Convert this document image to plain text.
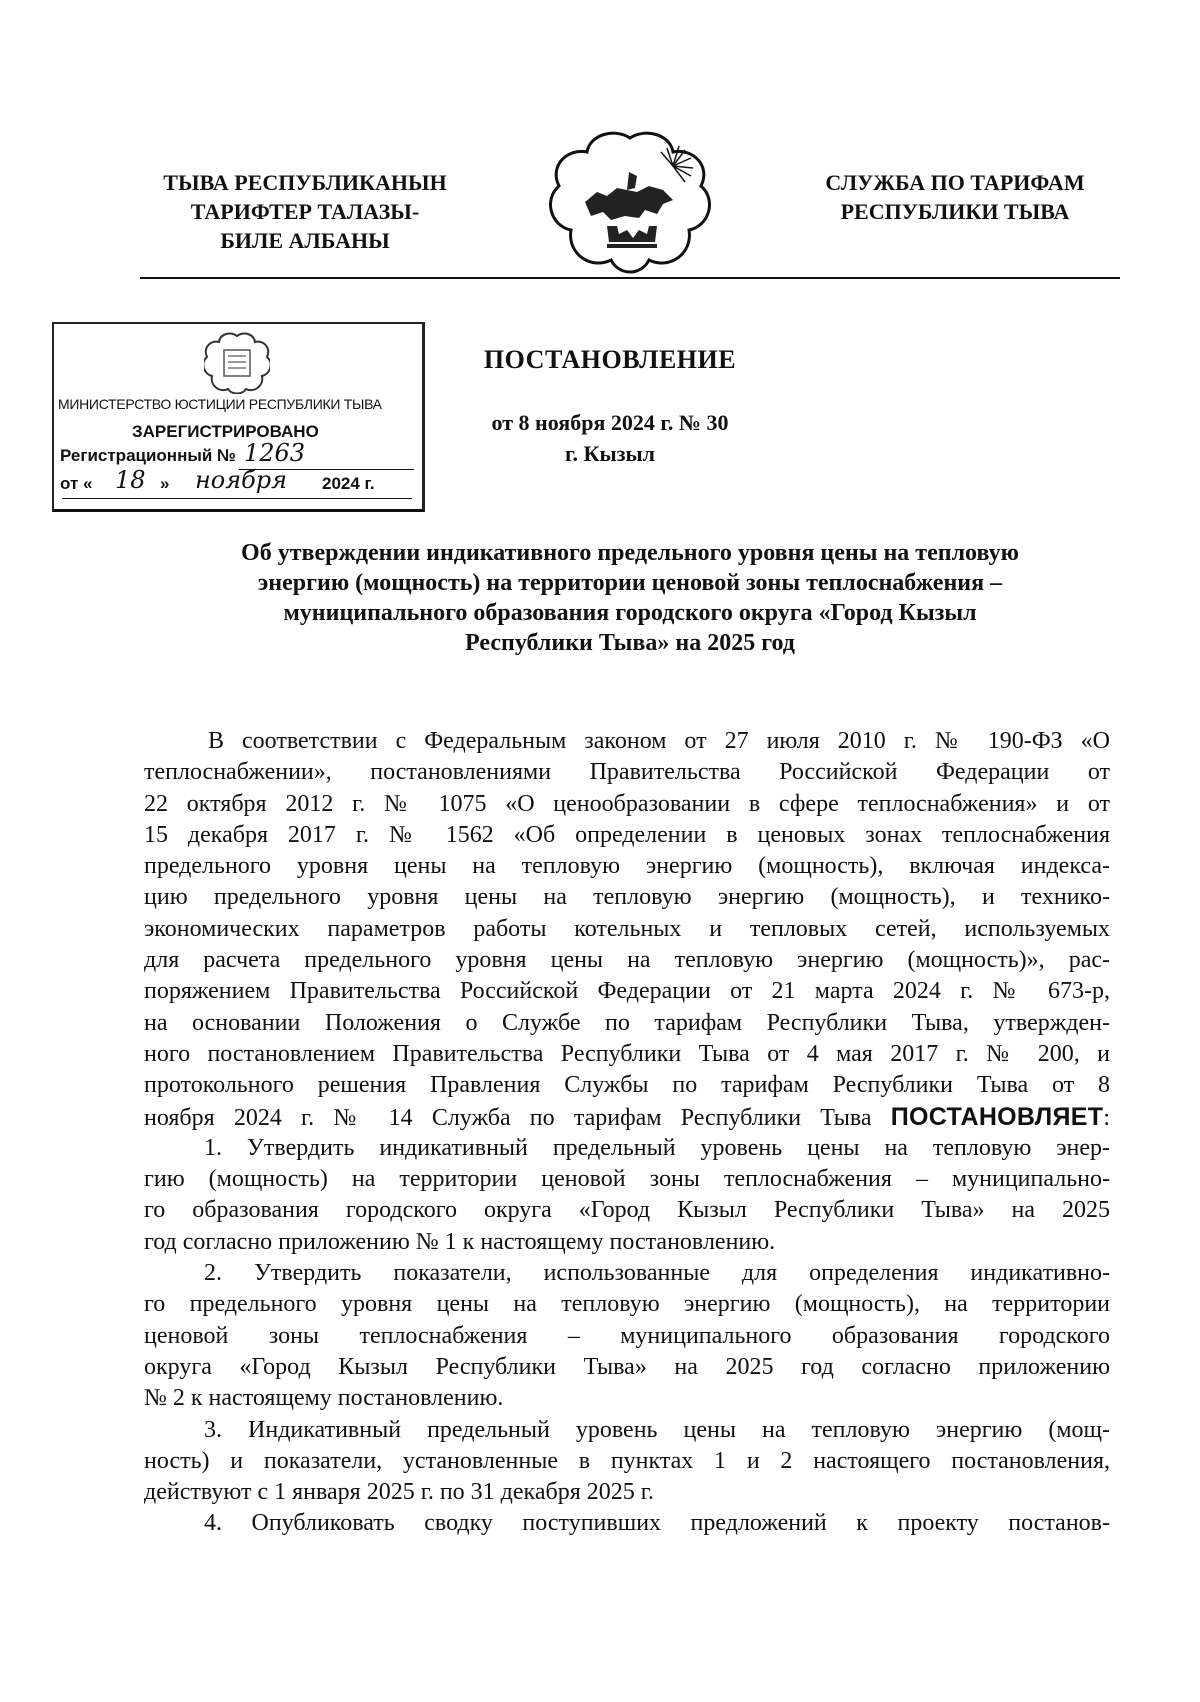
ТЫВА РЕСПУБЛИКАНЫН
ТАРИФТЕР ТАЛАЗЫ-
БИЛЕ АЛБАНЫ
СЛУЖБА ПО ТАРИФАМ
РЕСПУБЛИКИ ТЫВА
МИНИСТЕРСТВО ЮСТИЦИИ РЕСПУБЛИКИ ТЫВА
ЗАРЕГИСТРИРОВАНО
Регистрационный № 1263
от « 18 » ноября 2024 г.
ПОСТАНОВЛЕНИЕ
от 8 ноября 2024 г. № 30
г. Кызыл
Об утверждении индикативного предельного уровня цены на тепловую
энергию (мощность) на территории ценовой зоны теплоснабжения –
муниципального образования городского округа «Город Кызыл
Республики Тыва» на 2025 год
В соответствии с Федеральным законом от 27 июля 2010 г. № 190-ФЗ «О
теплоснабжении», постановлениями Правительства Российской Федерации от
22 октября 2012 г. № 1075 «О ценообразовании в сфере теплоснабжения» и от
15 декабря 2017 г. № 1562 «Об определении в ценовых зонах теплоснабжения
предельного уровня цены на тепловую энергию (мощность), включая индекса-
цию предельного уровня цены на тепловую энергию (мощность), и технико-
экономических параметров работы котельных и тепловых сетей, используемых
для расчета предельного уровня цены на тепловую энергию (мощность)», рас-
поряжением Правительства Российской Федерации от 21 марта 2024 г. № 673-р,
на основании Положения о Службе по тарифам Республики Тыва, утвержден-
ного постановлением Правительства Республики Тыва от 4 мая 2017 г. № 200, и
протокольного решения Правления Службы по тарифам Республики Тыва от 8
ноября 2024 г. № 14 Служба по тарифам Республики Тыва ПОСТАНОВЛЯЕТ:
1. Утвердить индикативный предельный уровень цены на тепловую энер-
гию (мощность) на территории ценовой зоны теплоснабжения – муниципально-
го образования городского округа «Город Кызыл Республики Тыва» на 2025
год согласно приложению № 1 к настоящему постановлению.
2. Утвердить показатели, использованные для определения индикативно-
го предельного уровня цены на тепловую энергию (мощность), на территории
ценовой зоны теплоснабжения – муниципального образования городского
округа «Город Кызыл Республики Тыва» на 2025 год согласно приложению
№ 2 к настоящему постановлению.
3. Индикативный предельный уровень цены на тепловую энергию (мощ-
ность) и показатели, установленные в пунктах 1 и 2 настоящего постановления,
действуют с 1 января 2025 г. по 31 декабря 2025 г.
4. Опубликовать сводку поступивших предложений к проекту постанов-
